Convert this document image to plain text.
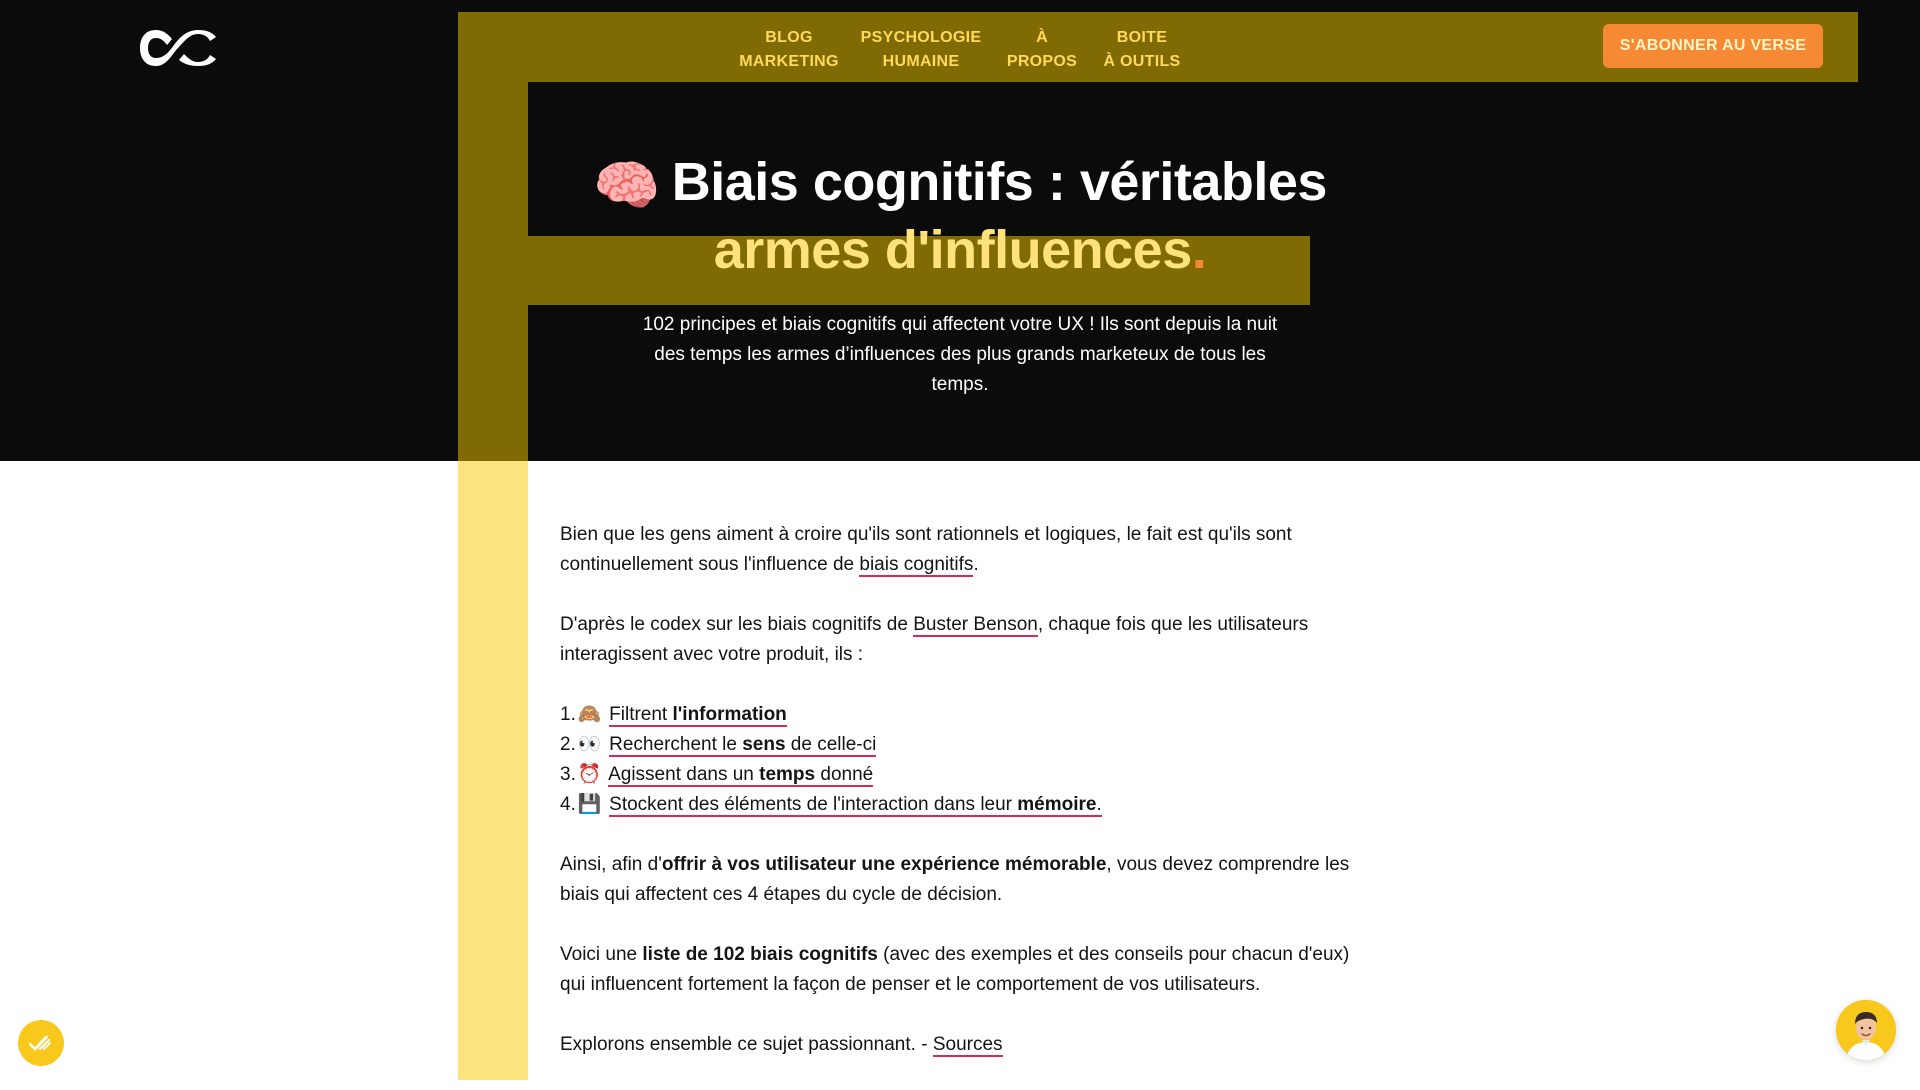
BLOG
MARKETING
PSYCHOLOGIE
HUMAINE
À
PROPOS
BOITE
À OUTILS
S'ABONNER AU VERSE
🧠 Biais cognitifs : véritables
armes d'influences.

102 principes et biais cognitifs qui affectent votre UX ! Ils sont depuis la nuit des temps les armes d’influences des plus grands marketeux de tous les temps.

Bien que les gens aiment à croire qu'ils sont rationnels et logiques, le fait est qu'ils sont continuellement sous l'influence de biais cognitifs.

D'après le codex sur les biais cognitifs de Buster Benson, chaque fois que les utilisateurs interagissent avec votre produit, ils :

1. 🙈 Filtrent l'information
2. 👀 Recherchent le sens de celle-ci
3. ⏰ Agissent dans un temps donné
4. 💾 Stockent des éléments de l'interaction dans leur mémoire.

Ainsi, afin d'offrir à vos utilisateur une expérience mémorable, vous devez comprendre les biais qui affectent ces 4 étapes du cycle de décision.

Voici une liste de 102 biais cognitifs (avec des exemples et des conseils pour chacun d'eux) qui influencent fortement la façon de penser et le comportement de vos utilisateurs.

Explorons ensemble ce sujet passionnant. - Sources
